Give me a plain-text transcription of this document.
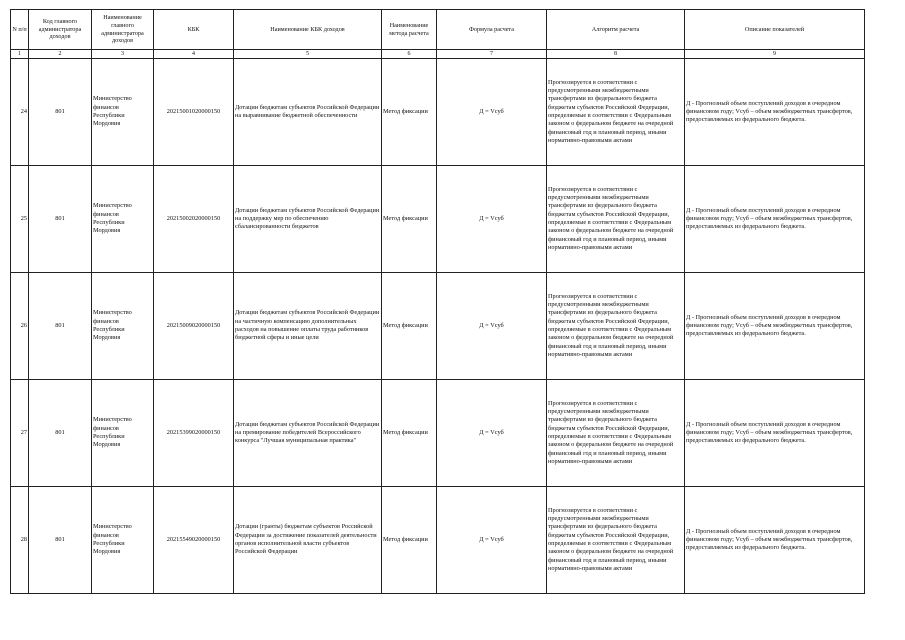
N п/п	Код главного администратора доходов	Наименование главного администратора доходов	КБК	Наименование КБК доходов	Наименование метода расчета	Формула расчета	Алгоритм расчета	Описание показателей
1	2	3	4	5	6	7	8	9
24	801	Министерство финансов Республики Мордовия	20215001020000150	Дотации бюджетам субъектов Российской Федерации на выравнивание бюджетной обеспеченности	Метод фиксации	Д = Vсуб	Прогнозируется в соответствии с предусмотренными межбюджетными трансфертами из федерального бюджета бюджетам субъектов Российской Федерации, определяемые в соответствии с Федеральным законом о федеральном бюджете на очередной финансовый год и плановый период, иными нормативно-правовыми актами	Д - Прогнозный объем поступлений доходов в очередном финансовом году; Vсуб – объем межбюджетных трансфертов, предоставляемых из федерального бюджета.
25	801	Министерство финансов Республики Мордовия	20215002020000150	Дотации бюджетам субъектов Российской Федерации на поддержку мер по обеспечению сбалансированности бюджетов	Метод фиксации	Д = Vсуб	Прогнозируется в соответствии с предусмотренными межбюджетными трансфертами из федерального бюджета бюджетам субъектов Российской Федерации, определяемые в соответствии с Федеральным законом о федеральном бюджете на очередной финансовый год и плановый период, иными нормативно-правовыми актами	Д - Прогнозный объем поступлений доходов в очередном финансовом году; Vсуб – объем межбюджетных трансфертов, предоставляемых из федерального бюджета.
26	801	Министерство финансов Республики Мордовия	20215009020000150	Дотации бюджетам субъектов Российской Федерации на частичную компенсацию дополнительных расходов на повышение оплаты труда работников бюджетной сферы и иные цели	Метод фиксации	Д = Vсуб	Прогнозируется в соответствии с предусмотренными межбюджетными трансфертами из федерального бюджета бюджетам субъектов Российской Федерации, определяемые в соответствии с Федеральным законом о федеральном бюджете на очередной финансовый год и плановый период, иными нормативно-правовыми актами	Д - Прогнозный объем поступлений доходов в очередном финансовом году; Vсуб – объем межбюджетных трансфертов, предоставляемых из федерального бюджета.
27	801	Министерство финансов Республики Мордовия	20215399020000150	Дотации бюджетам субъектов Российской Федерации на премирование победителей Всероссийского конкурса "Лучшая муниципальная практика"	Метод фиксации	Д = Vсуб	Прогнозируется в соответствии с предусмотренными межбюджетными трансфертами из федерального бюджета бюджетам субъектов Российской Федерации, определяемые в соответствии с Федеральным законом о федеральном бюджете на очередной финансовый год и плановый период, иными нормативно-правовыми актами	Д - Прогнозный объем поступлений доходов в очередном финансовом году; Vсуб – объем межбюджетных трансфертов, предоставляемых из федерального бюджета.
28	801	Министерство финансов Республики Мордовия	20215549020000150	Дотации (гранты) бюджетам субъектов Российской Федерации за достижение показателей деятельности органов исполнительной власти субъектов Российской Федерации	Метод фиксации	Д = Vсуб	Прогнозируется в соответствии с предусмотренными межбюджетными трансфертами из федерального бюджета бюджетам субъектов Российской Федерации, определяемые в соответствии с Федеральным законом о федеральном бюджете на очередной финансовый год и плановый период, иными нормативно-правовыми актами	Д - Прогнозный объем поступлений доходов в очередном финансовом году; Vсуб – объем межбюджетных трансфертов, предоставляемых из федерального бюджета.
